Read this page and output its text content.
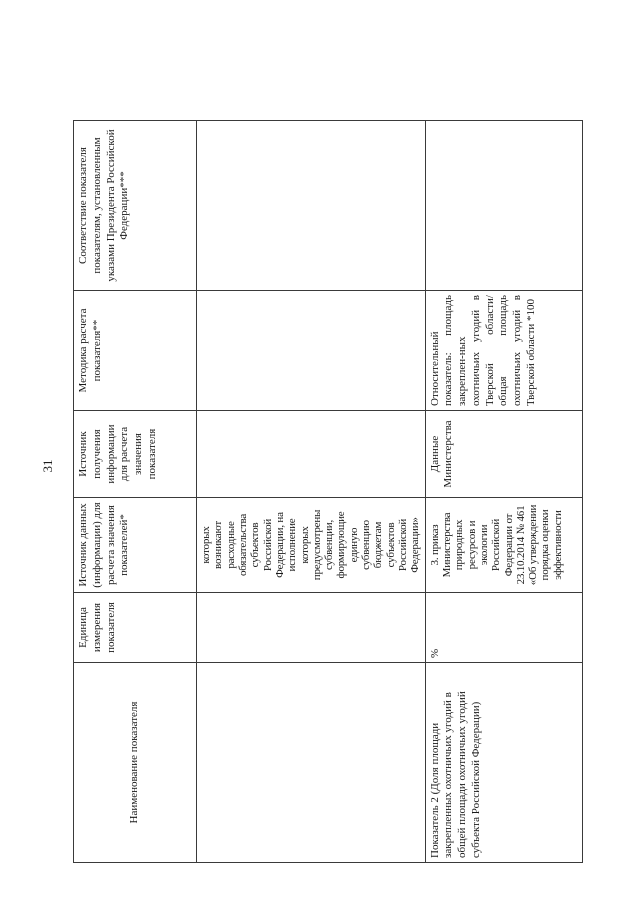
31
Наименование показателя	Единица измерения показателя	Источник данных (информации) для расчета значения показателей*	Источник получения информации для расчета значения показателя	Методика расчета показателя**	Соответствие показателя показателям, установленным указами Президента Российской Федерации***
		которых возникают расходные обязательства субъектов Российской Федерации, на исполнение которых предусмотрены субвенции, формирующие единую субвенцию бюджетам субъектов Российской Федерации»			
Показатель 2 (Доля площади закрепленных охотничьих угодий в общей площади охотничьих угодий субъекта Российской Федерации)	%	3. приказ Министерства природных ресурсов и экологии Российской Федерации от 23.10.2014 № 461 «Об утверждении порядка оценки эффективности	Данные Министерства	Относительный показатель: площадь закреплен-ных охотничьих угодий в Тверской области/общая площадь охотничьих угодий в Тверской области *100	
